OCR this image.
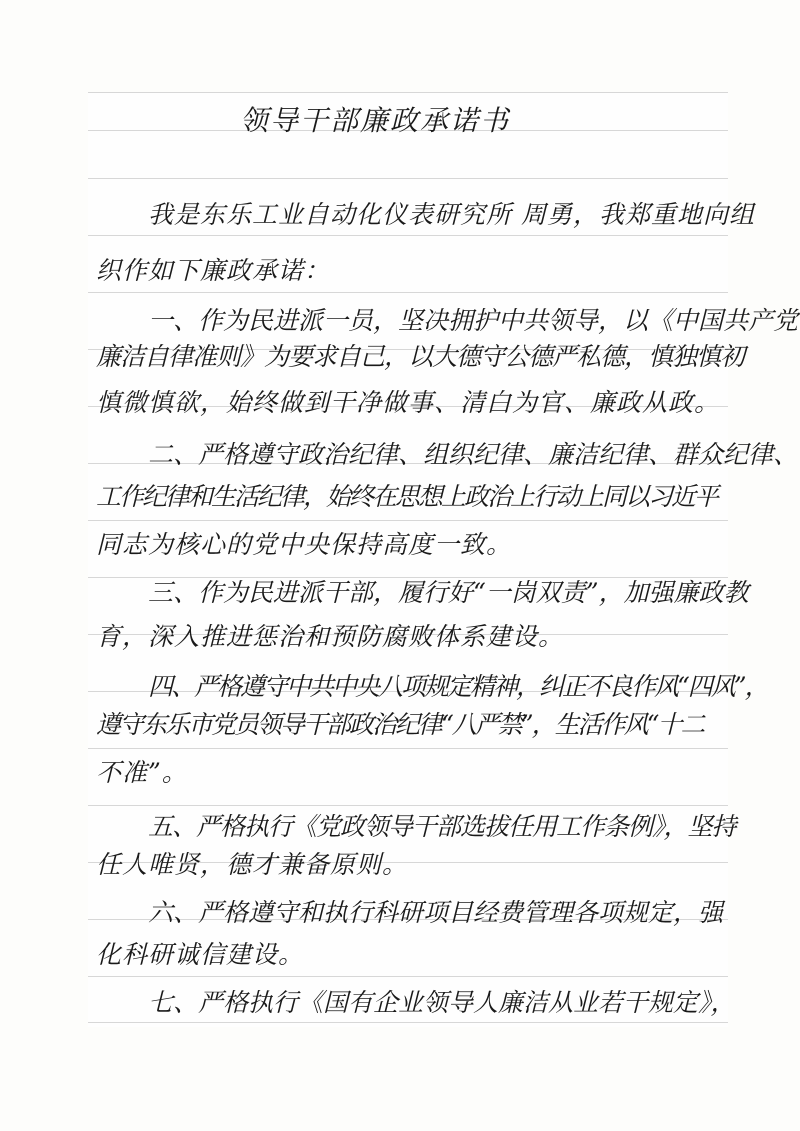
领导干部廉政承诺书
我是东乐工业自动化仪表研究所 周勇，我郑重地向组
织作如下廉政承诺：
一、作为民进派一员，坚决拥护中共领导，以《中国共产党
廉洁自律准则》为要求自己，以大德守公德严私德，慎独慎初
慎微慎欲，始终做到干净做事、清白为官、廉政从政。
二、严格遵守政治纪律、组织纪律、廉洁纪律、群众纪律、
工作纪律和生活纪律，始终在思想上政治上行动上同以习近平
同志为核心的党中央保持高度一致。
三、作为民进派干部，履行好“一岗双责”，加强廉政教
育，深入推进惩治和预防腐败体系建设。
四、严格遵守中共中央八项规定精神，纠正不良作风“四风”，
遵守东乐市党员领导干部政治纪律“八严禁”，生活作风“十二
不准”。
五、严格执行《党政领导干部选拔任用工作条例》，坚持
任人唯贤，德才兼备原则。
六、严格遵守和执行科研项目经费管理各项规定，强
化科研诚信建设。
七、严格执行《国有企业领导人廉洁从业若干规定》，
